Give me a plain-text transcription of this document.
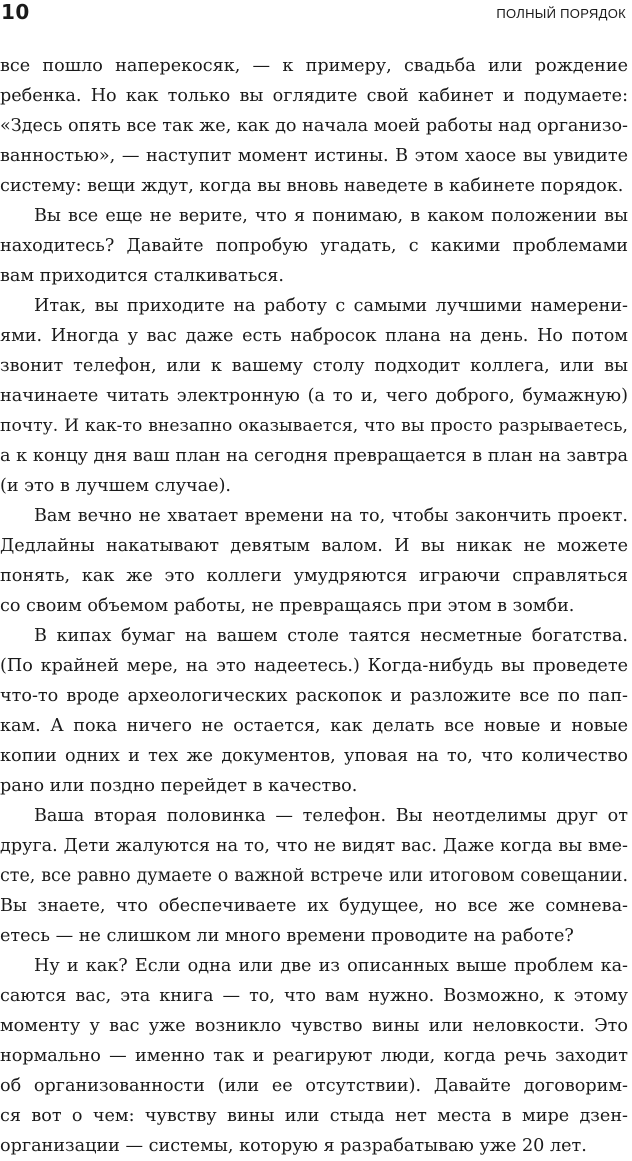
10	ПОЛНЫЙ ПОРЯДОК
все пошло наперекосяк, — к примеру, свадьба или рождение
ребенка. Но как только вы оглядите свой кабинет и подумаете:
«Здесь опять все так же, как до начала моей работы над организо-
ванностью», — наступит момент истины. В этом хаосе вы увидите
систему: вещи ждут, когда вы вновь наведете в кабинете порядок.
Вы все еще не верите, что я понимаю, в каком положении вы
находитесь? Давайте попробую угадать, с какими проблемами
вам приходится сталкиваться.
Итак, вы приходите на работу с самыми лучшими намерени-
ями. Иногда у вас даже есть набросок плана на день. Но потом
звонит телефон, или к вашему столу подходит коллега, или вы
начинаете читать электронную (а то и, чего доброго, бумажную)
почту. И как-то внезапно оказывается, что вы просто разрываетесь,
а к концу дня ваш план на сегодня превращается в план на завтра
(и это в лучшем случае).
Вам вечно не хватает времени на то, чтобы закончить проект.
Дедлайны накатывают девятым валом. И вы никак не можете
понять, как же это коллеги умудряются играючи справляться
со своим объемом работы, не превращаясь при этом в зомби.
В кипах бумаг на вашем столе таятся несметные богатства.
(По крайней мере, на это надеетесь.) Когда-нибудь вы проведете
что-то вроде археологических раскопок и разложите все по пап-
кам. А пока ничего не остается, как делать все новые и новые
копии одних и тех же документов, уповая на то, что количество
рано или поздно перейдет в качество.
Ваша вторая половинка — телефон. Вы неотделимы друг от
друга. Дети жалуются на то, что не видят вас. Даже когда вы вме-
сте, все равно думаете о важной встрече или итоговом совещании.
Вы знаете, что обеспечиваете их будущее, но все же сомнева-
етесь — не слишком ли много времени проводите на работе?
Ну и как? Если одна или две из описанных выше проблем ка-
саются вас, эта книга — то, что вам нужно. Возможно, к этому
моменту у вас уже возникло чувство вины или неловкости. Это
нормально — именно так и реагируют люди, когда речь заходит
об организованности (или ее отсутствии). Давайте договорим-
ся вот о чем: чувству вины или стыда нет места в мире дзен-
организации — системы, которую я разрабатываю уже 20 лет.
